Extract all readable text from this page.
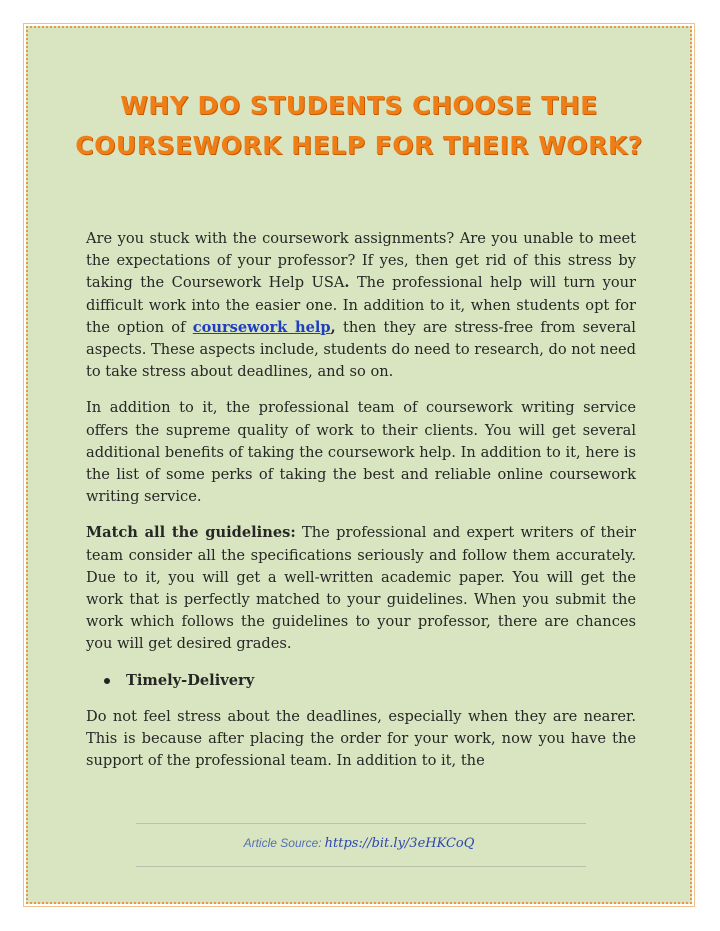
WHY DO STUDENTS CHOOSE THE
COURSEWORK HELP FOR THEIR WORK?

Are you stuck with the coursework assignments? Are you unable to meet the expectations of your professor? If yes, then get rid of this stress by taking the Coursework Help USA. The professional help will turn your difficult work into the easier one. In addition to it, when students opt for the option of coursework help, then they are stress-free from several aspects. These aspects include, students do need to research, do not need to take stress about deadlines, and so on.

In addition to it, the professional team of coursework writing service offers the supreme quality of work to their clients. You will get several additional benefits of taking the coursework help. In addition to it, here is the list of some perks of taking the best and reliable online coursework writing service.

Match all the guidelines: The professional and expert writers of their team consider all the specifications seriously and follow them accurately. Due to it, you will get a well-written academic paper. You will get the work that is perfectly matched to your guidelines. When you submit the work which follows the guidelines to your professor, there are chances you will get desired grades.

Timely-Delivery

Do not feel stress about the deadlines, especially when they are nearer. This is because after placing the order for your work, now you have the support of the professional team. In addition to it, the

Article Source: https://bit.ly/3eHKCoQ
